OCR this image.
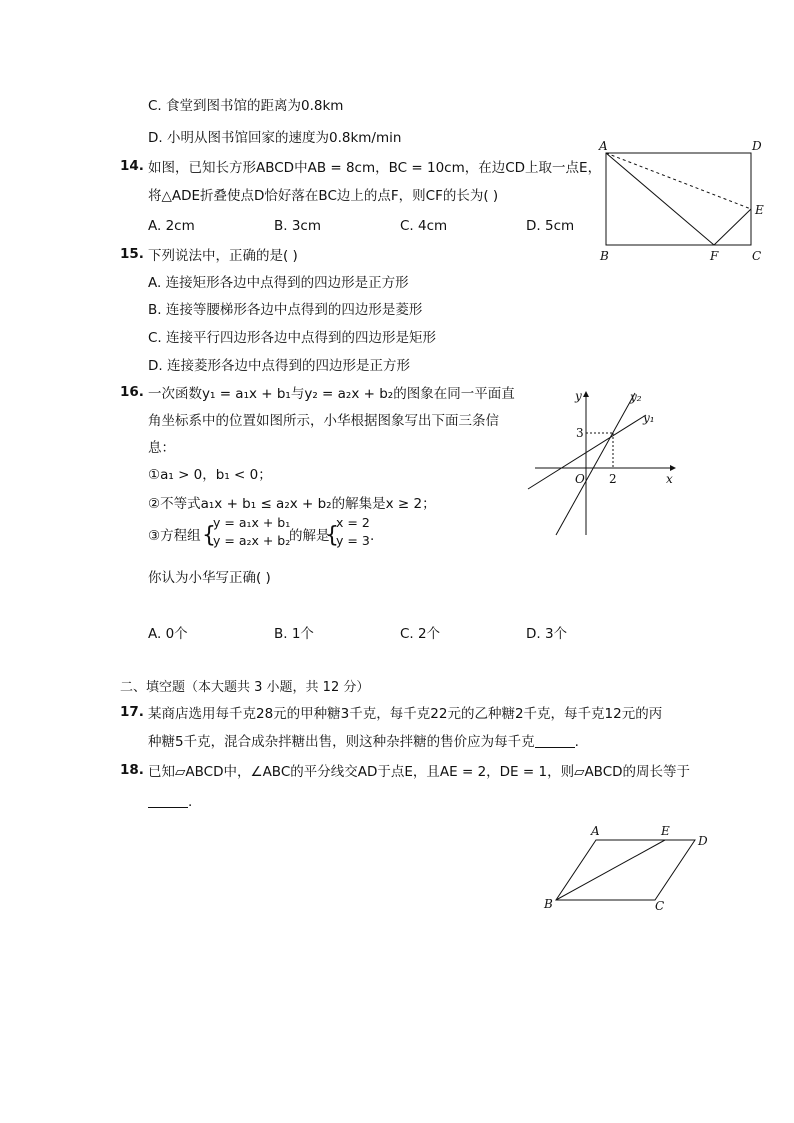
C. 食堂到图书馆的距离为0.8km
D. 小明从图书馆回家的速度为0.8km/min
14. 如图，已知长方形ABCD中AB = 8cm，BC = 10cm，在边CD上取一点E，
将△ADE折叠使点D恰好落在BC边上的点F，则CF的长为( )
A. 2cm	B. 3cm	C. 4cm	D. 5cm
A	D
E
B	F	C
15. 下列说法中，正确的是( )
A. 连接矩形各边中点得到的四边形是正方形
B. 连接等腰梯形各边中点得到的四边形是菱形
C. 连接平行四边形各边中点得到的四边形是矩形
D. 连接菱形各边中点得到的四边形是正方形
16. 一次函数y₁ = a₁x + b₁与y₂ = a₂x + b₂的图象在同一平面直
角坐标系中的位置如图所示，小华根据图象写出下面三条信
息：
①a₁ > 0，b₁ < 0；
②不等式a₁x + b₁ ≤ a₂x + b₂的解集是x ≥ 2；
③方程组 {
y = a₁x + b₁
y = a₂x + b₂
的解是
{
x = 2
y = 3 .
你认为小华写正确( )
A. 0个	B. 1个	C. 2个	D. 3个
y
x
O 2
3
y₁
y₂
二、填空题（本大题共 3 小题，共 12 分）
17. 某商店选用每千克28元的甲种糖3千克，每千克22元的乙种糖2千克，每千克12元的丙
种糖5千克，混合成杂拌糖出售，则这种杂拌糖的售价应为每千克	.
18. 已知▱ABCD中，∠ABC的平分线交AD于点E，且AE = 2，DE = 1，则▱ABCD的周长等于
.
A	E
D
B	C
